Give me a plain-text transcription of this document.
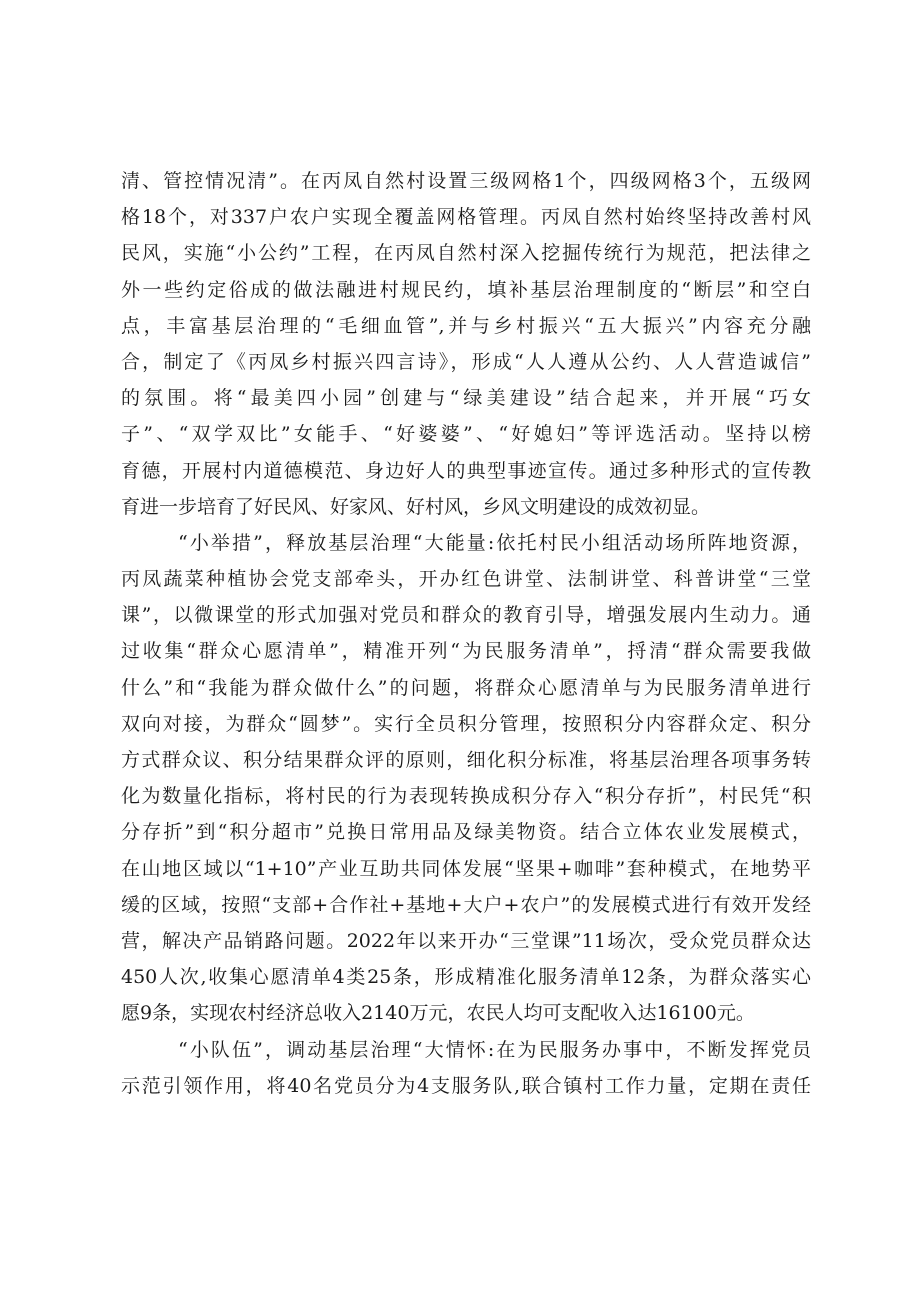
清、管控情况清”。在丙凤自然村设置三级网格1个，四级网格3个，五级网
格18个，对337户农户实现全覆盖网格管理。丙凤自然村始终坚持改善村风
民风，实施“小公约”工程，在丙凤自然村深入挖掘传统行为规范，把法律之
外一些约定俗成的做法融进村规民约，填补基层治理制度的“断层”和空白
点，丰富基层治理的“毛细血管”,并与乡村振兴“五大振兴”内容充分融
合，制定了《丙凤乡村振兴四言诗》，形成“人人遵从公约、人人营造诚信”
的氛围。将“最美四小园”创建与“绿美建设”结合起来，并开展“巧女
子”、“双学双比”女能手、“好婆婆”、“好媳妇”等评选活动。坚持以榜
育德，开展村内道德模范、身边好人的典型事迹宣传。通过多种形式的宣传教
育进一步培育了好民风、好家风、好村风，乡风文明建设的成效初显。
“小举措”，释放基层治理“大能量:依托村民小组活动场所阵地资源，
丙凤蔬菜种植协会党支部牵头，开办红色讲堂、法制讲堂、科普讲堂“三堂
课”，以微课堂的形式加强对党员和群众的教育引导，增强发展内生动力。通
过收集“群众心愿清单”，精准开列“为民服务清单”，捋清“群众需要我做
什么”和“我能为群众做什么”的问题，将群众心愿清单与为民服务清单进行
双向对接，为群众“圆梦”。实行全员积分管理，按照积分内容群众定、积分
方式群众议、积分结果群众评的原则，细化积分标准，将基层治理各项事务转
化为数量化指标，将村民的行为表现转换成积分存入“积分存折”，村民凭“积
分存折”到“积分超市”兑换日常用品及绿美物资。结合立体农业发展模式，
在山地区域以“1+10”产业互助共同体发展“坚果+咖啡”套种模式，在地势平
缓的区域，按照“支部+合作社+基地+大户+农户”的发展模式进行有效开发经
营，解决产品销路问题。2022年以来开办“三堂课”11场次，受众党员群众达
450人次,收集心愿清单4类25条，形成精准化服务清单12条，为群众落实心
愿9条，实现农村经济总收入2140万元，农民人均可支配收入达16100元。
“小队伍”，调动基层治理“大情怀:在为民服务办事中，不断发挥党员
示范引领作用，将40名党员分为4支服务队,联合镇村工作力量，定期在责任
